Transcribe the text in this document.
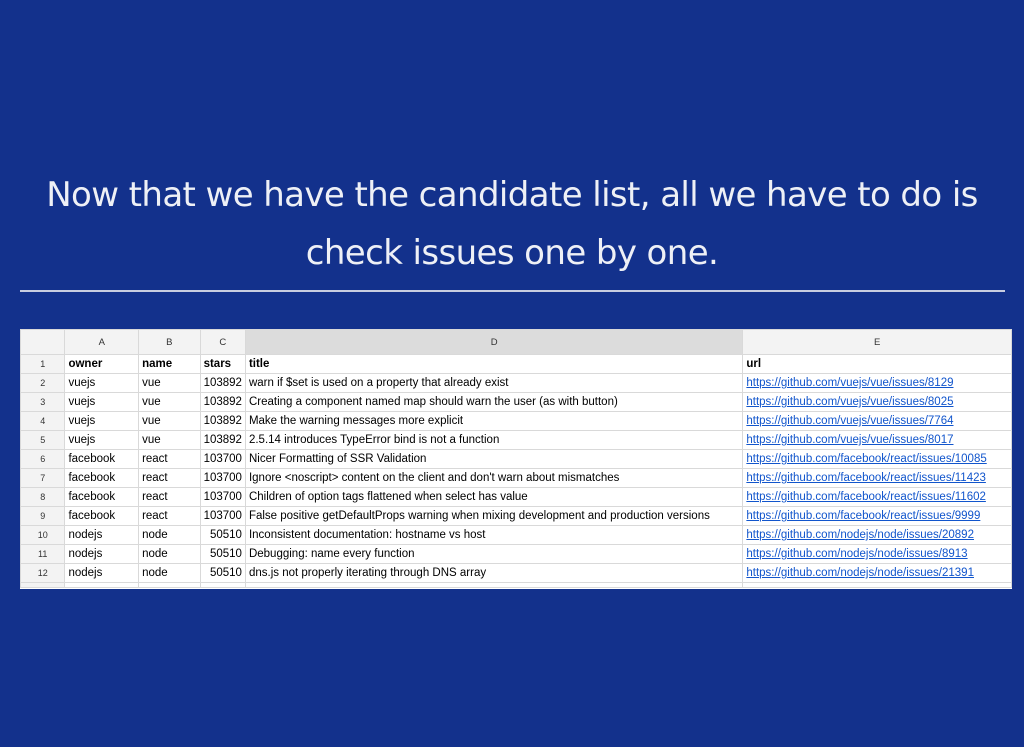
Now that we have the candidate list, all we have to do is
check issues one by one.
	A	B	C	D	E
1	owner	name	stars	title	url
2	vuejs	vue	103892	warn if $set is used on a property that already exist	https://github.com/vuejs/vue/issues/8129
3	vuejs	vue	103892	Creating a component named map should warn the user (as with button)	https://github.com/vuejs/vue/issues/8025
4	vuejs	vue	103892	Make the warning messages more explicit	https://github.com/vuejs/vue/issues/7764
5	vuejs	vue	103892	2.5.14 introduces TypeError bind is not a function	https://github.com/vuejs/vue/issues/8017
6	facebook	react	103700	Nicer Formatting of SSR Validation	https://github.com/facebook/react/issues/10085
7	facebook	react	103700	Ignore <noscript> content on the client and don't warn about mismatches	https://github.com/facebook/react/issues/11423
8	facebook	react	103700	Children of option tags flattened when select has value	https://github.com/facebook/react/issues/11602
9	facebook	react	103700	False positive getDefaultProps warning when mixing development and production versions	https://github.com/facebook/react/issues/9999
10	nodejs	node	50510	Inconsistent documentation: hostname vs host	https://github.com/nodejs/node/issues/20892
11	nodejs	node	50510	Debugging: name every function	https://github.com/nodejs/node/issues/8913
12	nodejs	node	50510	dns.js not properly iterating through DNS array	https://github.com/nodejs/node/issues/21391
